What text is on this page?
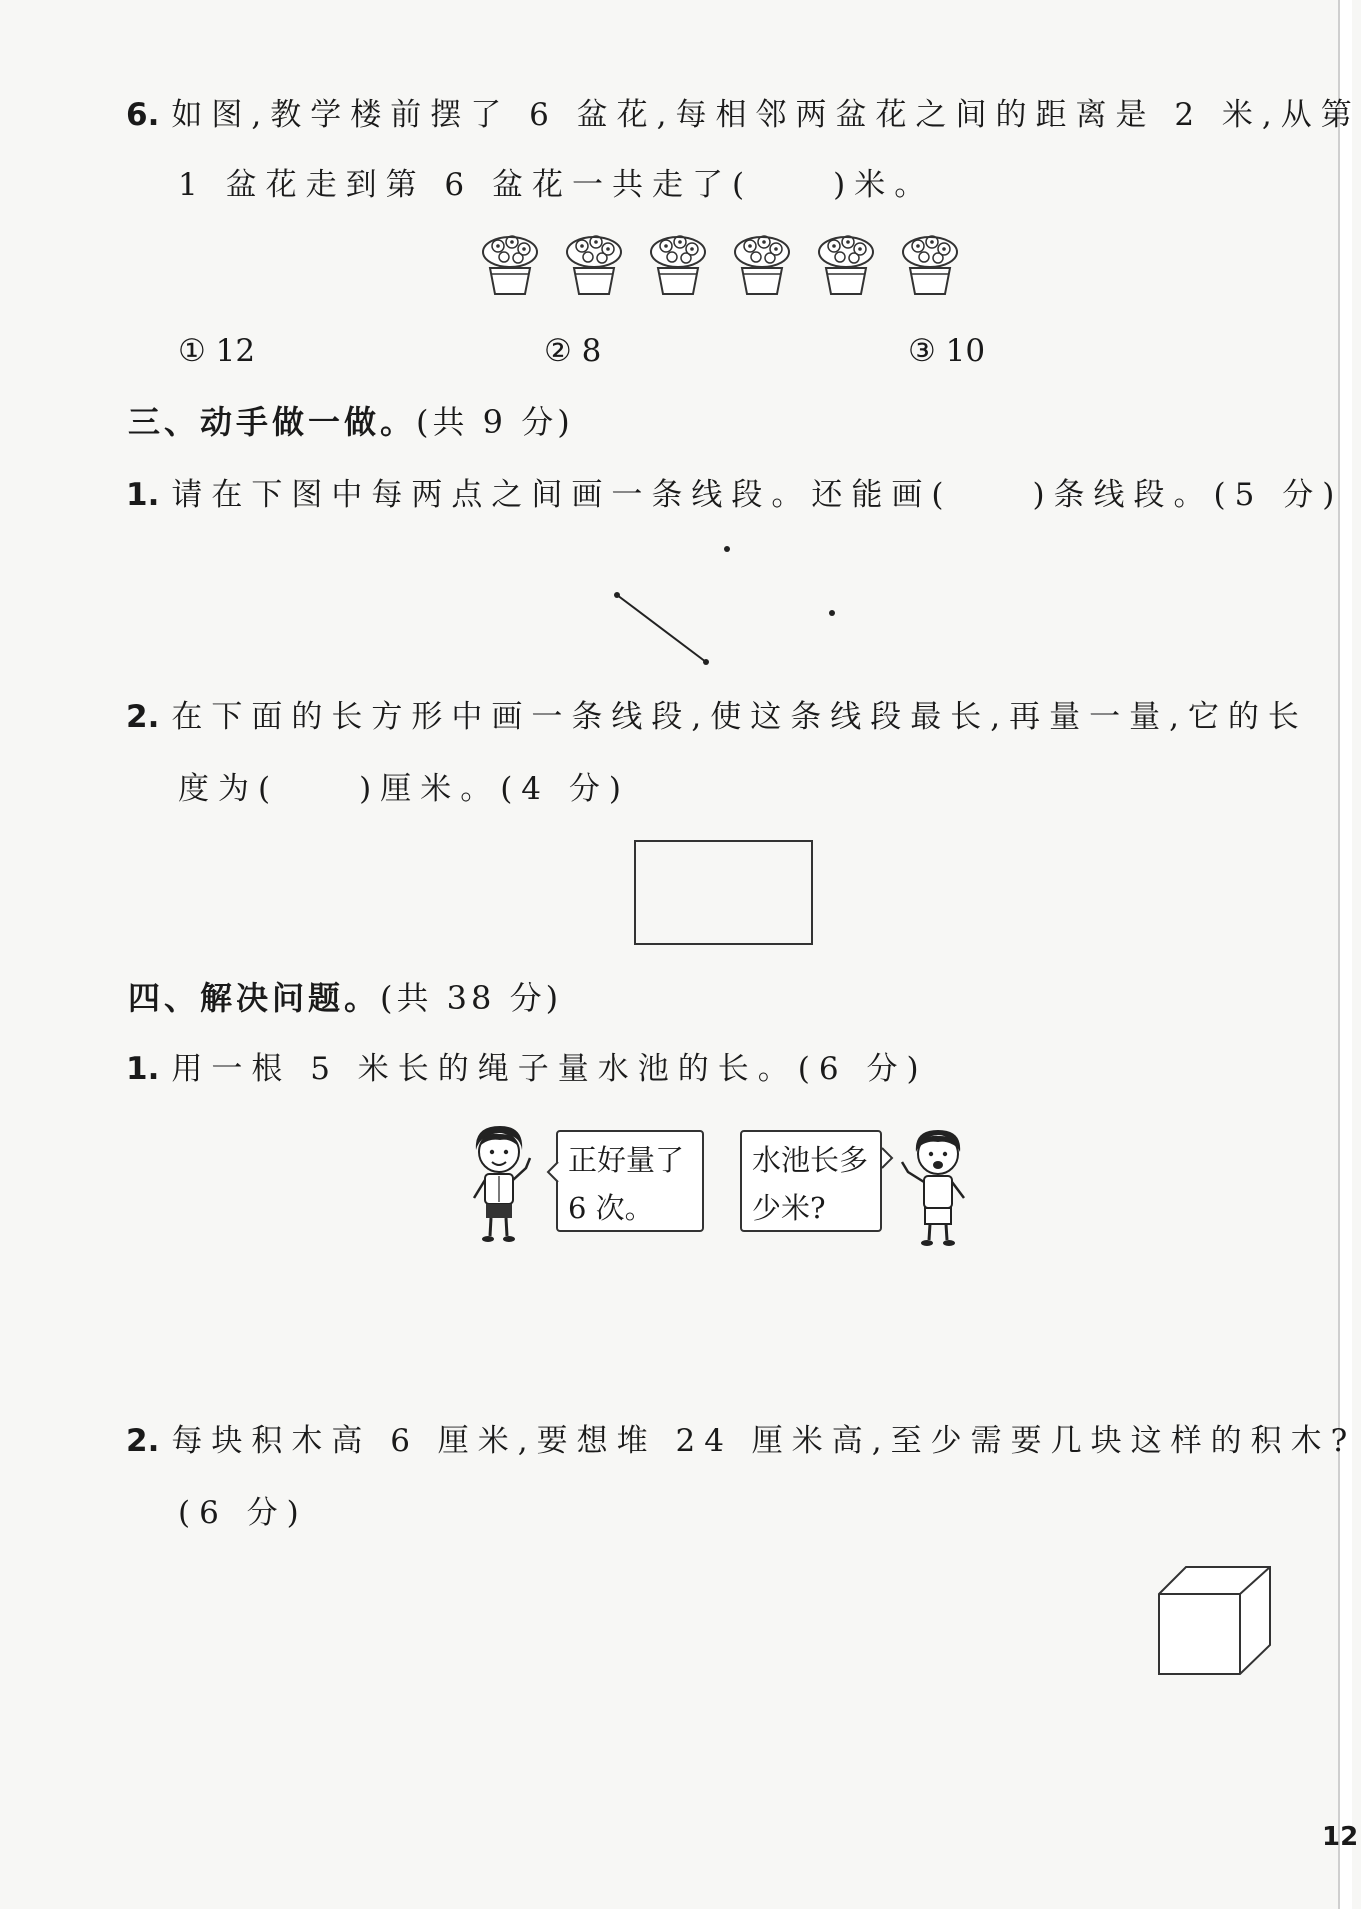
6. 如图,教学楼前摆了 6 盆花,每相邻两盆花之间的距离是 2 米,从第
1 盆花走到第 6 盆花一共走了(　　)米。
① 12	② 8	③ 10
三、动手做一做。(共 9 分)
1. 请在下图中每两点之间画一条线段。还能画(　　)条线段。(5 分)
2. 在下面的长方形中画一条线段,使这条线段最长,再量一量,它的长
度为(　　)厘米。(4 分)
四、解决问题。(共 38 分)
1. 用一根 5 米长的绳子量水池的长。(6 分)
正好量了
6 次。
水池长多
少米?
2. 每块积木高 6 厘米,要想堆 24 厘米高,至少需要几块这样的积木?
(6 分)
12
